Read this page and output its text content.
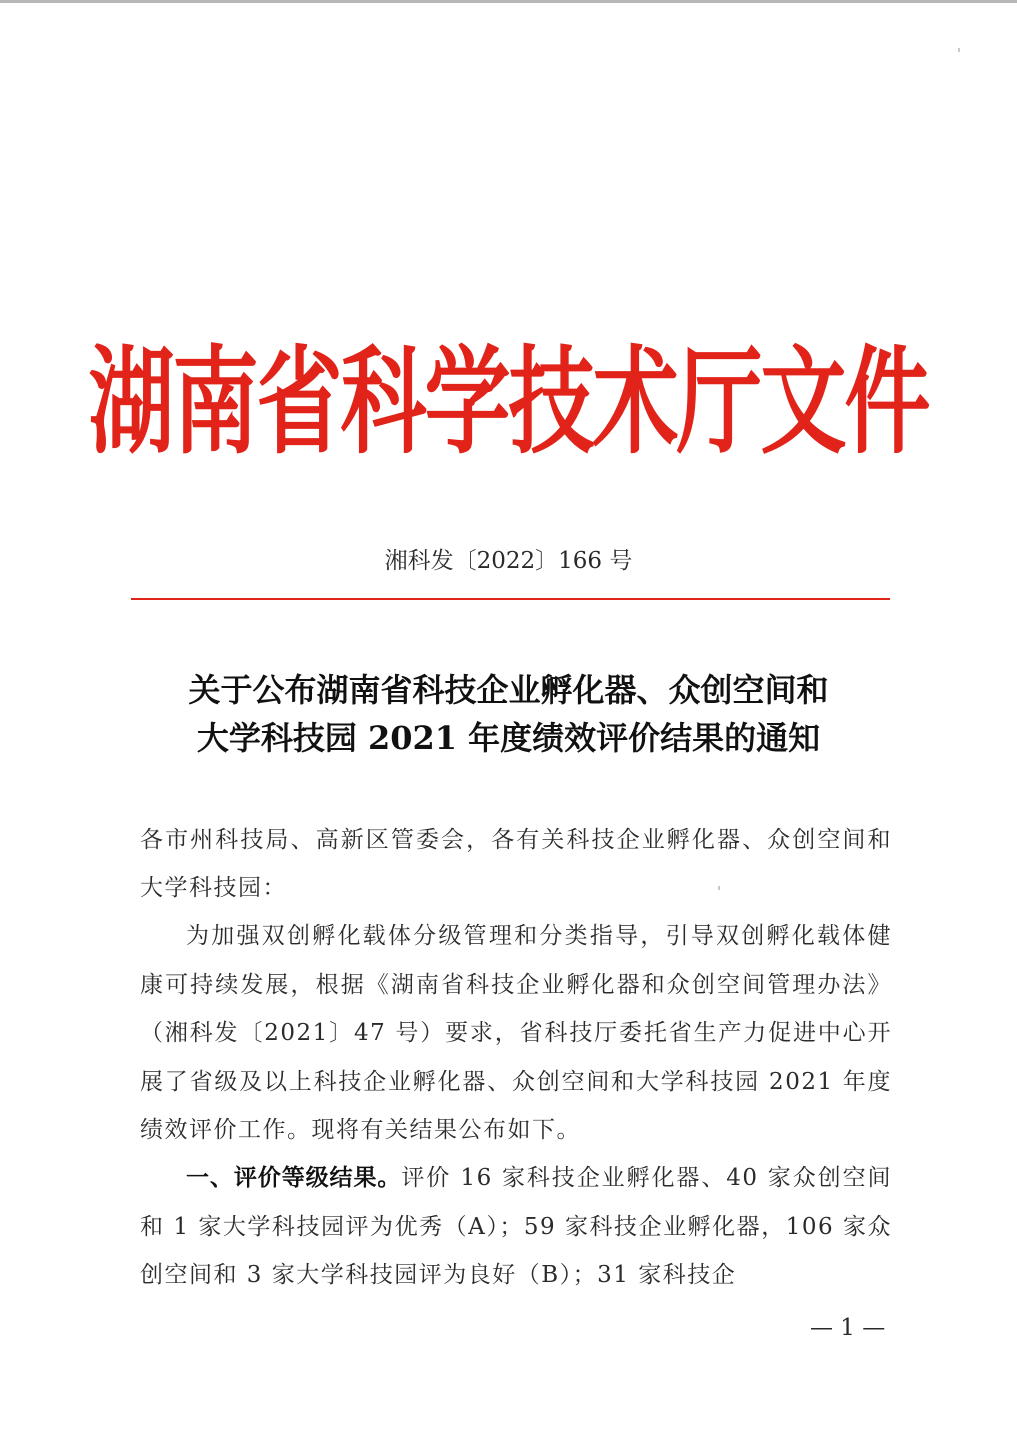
湖南省科学技术厅文件
湘科发〔2022〕166 号
关于公布湖南省科技企业孵化器、众创空间和
大学科技园 2021 年度绩效评价结果的通知

各市州科技局、高新区管委会，各有关科技企业孵化器、众创空间和大学科技园：

为加强双创孵化载体分级管理和分类指导，引导双创孵化载体健康可持续发展，根据《湖南省科技企业孵化器和众创空间管理办法》（湘科发〔2021〕47 号）要求，省科技厅委托省生产力促进中心开展了省级及以上科技企业孵化器、众创空间和大学科技园 2021 年度绩效评价工作。现将有关结果公布如下。

一、评价等级结果。评价 16 家科技企业孵化器、40 家众创空间和 1 家大学科技园评为优秀（A）；59 家科技企业孵化器，106 家众创空间和 3 家大学科技园评为良好（B）；31 家科技企

— 1 —
